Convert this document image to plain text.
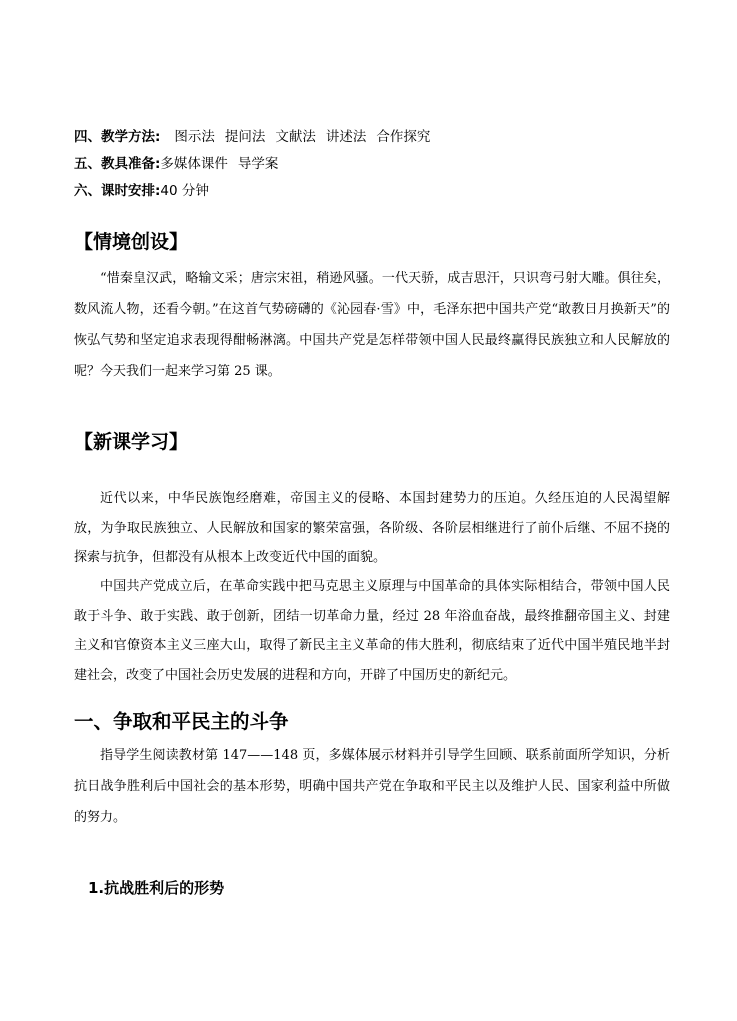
四、教学方法: 图示法 提问法 文献法 讲述法 合作探究
五、教具准备:多媒体课件 导学案
六、课时安排:40 分钟
【情境创设】

“惜秦皇汉武，略输文采；唐宗宋祖，稍逊风骚。一代天骄，成吉思汗，只识弯弓射大雕。俱往矣，数风流人物，还看今朝。”在这首气势磅礴的《沁园春·雪》中，毛泽东把中国共产党“敢教日月换新天”的恢弘气势和坚定追求表现得酣畅淋漓。中国共产党是怎样带领中国人民最终赢得民族独立和人民解放的呢？今天我们一起来学习第 25 课。

【新课学习】

近代以来，中华民族饱经磨难，帝国主义的侵略、本国封建势力的压迫。久经压迫的人民渴望解放，为争取民族独立、人民解放和国家的繁荣富强，各阶级、各阶层相继进行了前仆后继、不屈不挠的探索与抗争，但都没有从根本上改变近代中国的面貌。

中国共产党成立后，在革命实践中把马克思主义原理与中国革命的具体实际相结合，带领中国人民敢于斗争、敢于实践、敢于创新，团结一切革命力量，经过 28 年浴血奋战，最终推翻帝国主义、封建主义和官僚资本主义三座大山，取得了新民主主义革命的伟大胜利，彻底结束了近代中国半殖民地半封建社会，改变了中国社会历史发展的进程和方向，开辟了中国历史的新纪元。

一、争取和平民主的斗争

指导学生阅读教材第 147——148 页，多媒体展示材料并引导学生回顾、联系前面所学知识，分析抗日战争胜利后中国社会的基本形势，明确中国共产党在争取和平民主以及维护人民、国家利益中所做的努力。

1.抗战胜利后的形势
